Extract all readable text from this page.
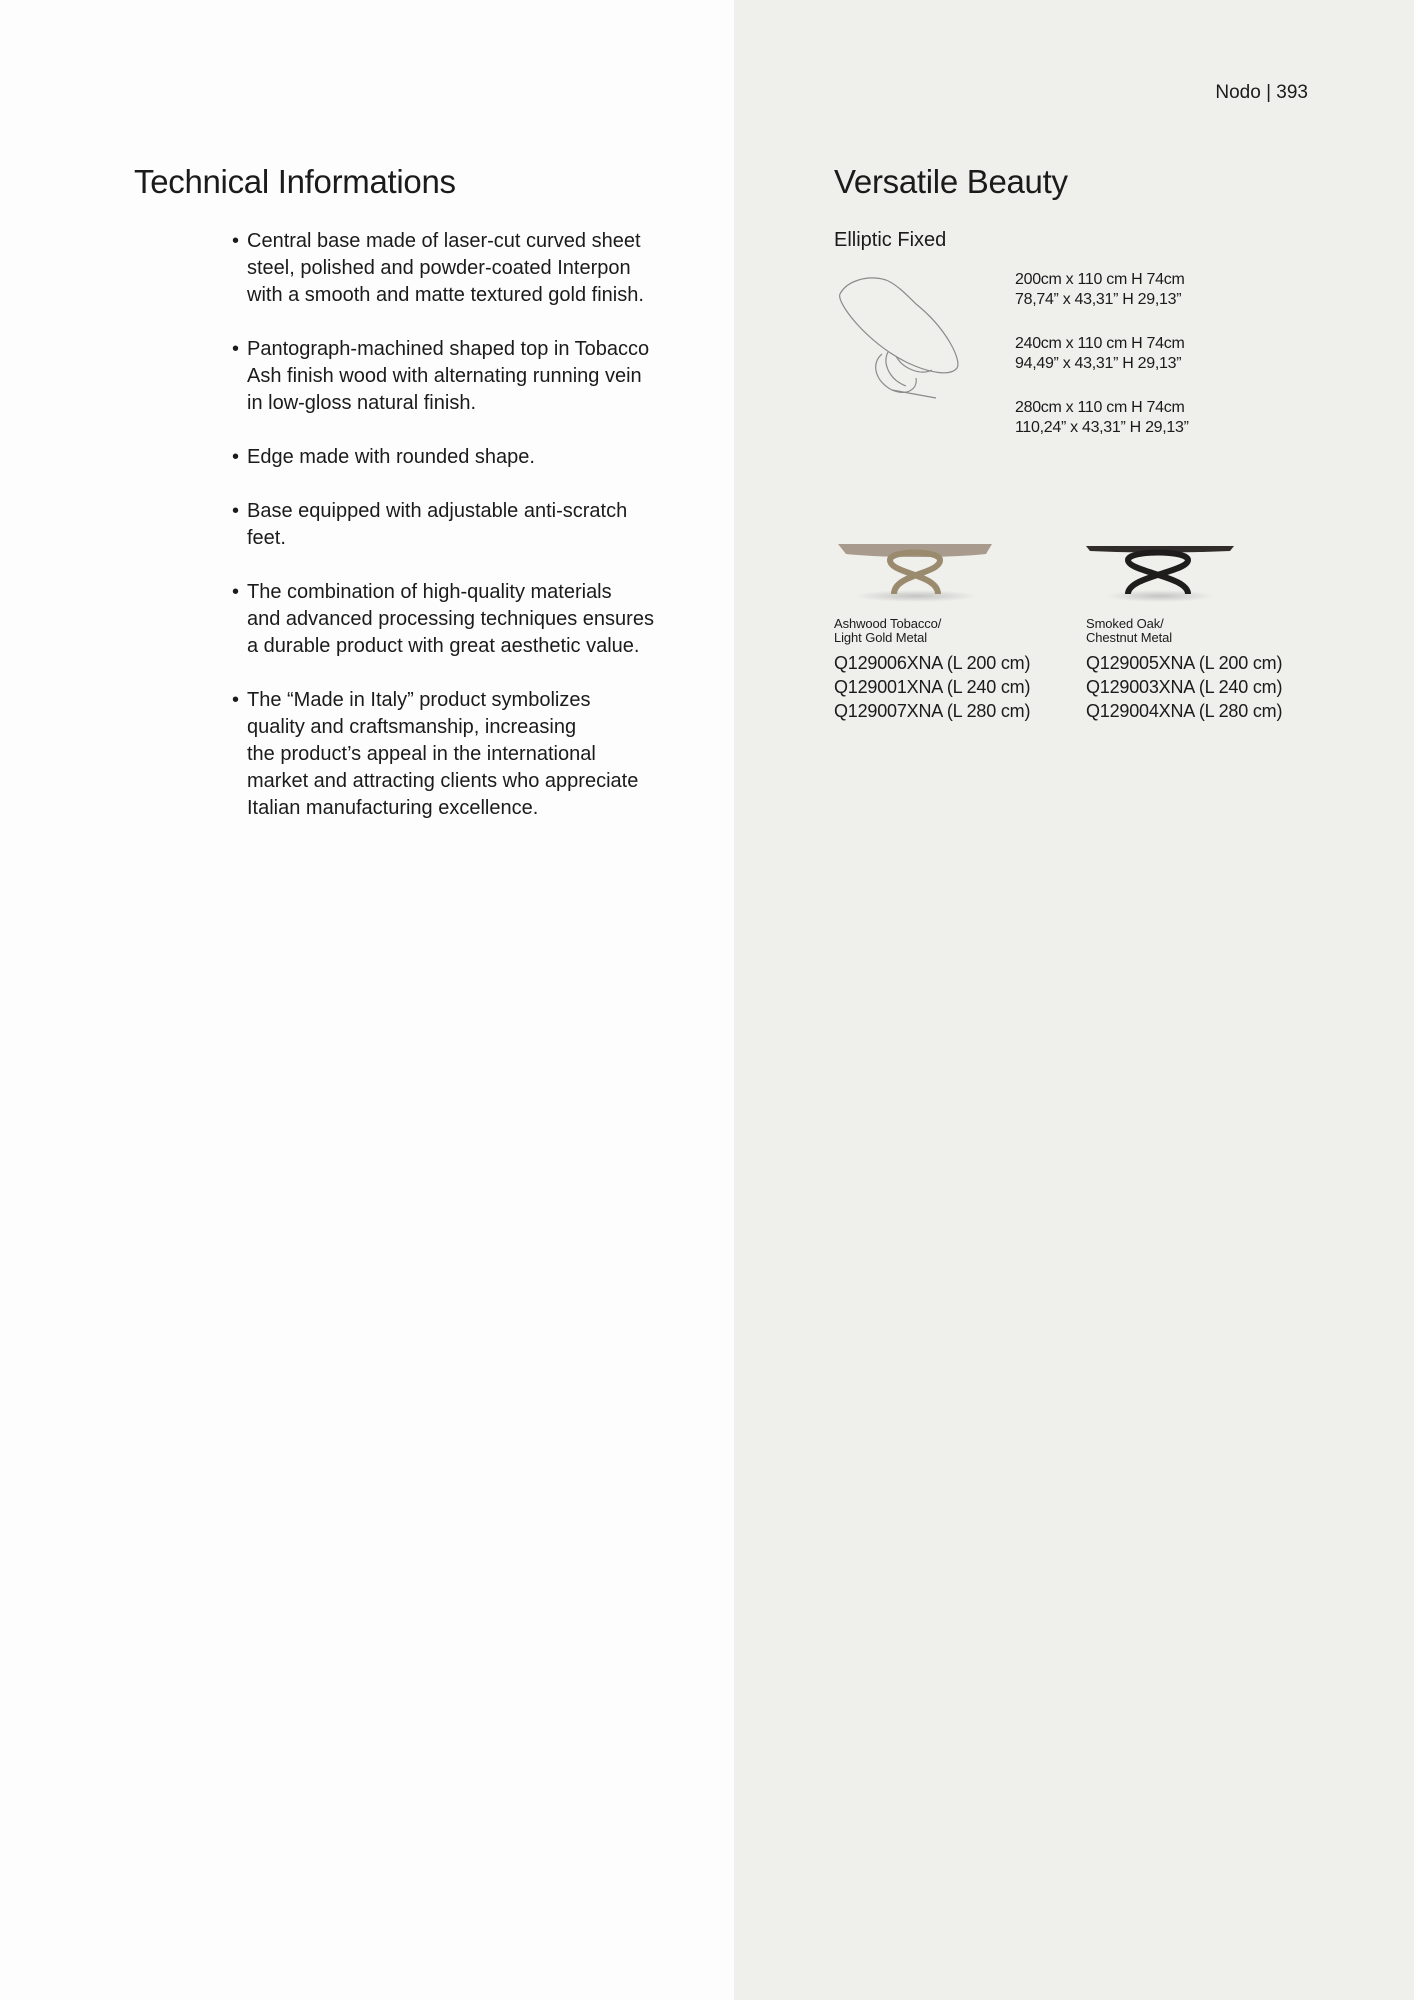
Nodo | 393
Technical Informations
• Central base made of laser-cut curved sheet
steel, polished and powder-coated Interpon
with a smooth and matte textured gold finish.
• Pantograph-machined shaped top in Tobacco
Ash finish wood with alternating running vein
in low-gloss natural finish.
• Edge made with rounded shape.
• Base equipped with adjustable anti-scratch
feet.
• The combination of high-quality materials
and advanced processing techniques ensures
a durable product with great aesthetic value.
• The “Made in Italy” product symbolizes
quality and craftsmanship, increasing
the product’s appeal in the international
market and attracting clients who appreciate
Italian manufacturing excellence.
Versatile Beauty
Elliptic Fixed
200cm x 110 cm H 74cm
78,74” x 43,31” H 29,13”
240cm x 110 cm H 74cm
94,49” x 43,31” H 29,13”
280cm x 110 cm H 74cm
110,24” x 43,31” H 29,13”
Ashwood Tobacco/
Light Gold Metal
Q129006XNA (L 200 cm)
Q129001XNA (L 240 cm)
Q129007XNA (L 280 cm)
Smoked Oak/
Chestnut Metal
Q129005XNA (L 200 cm)
Q129003XNA (L 240 cm)
Q129004XNA (L 280 cm)
